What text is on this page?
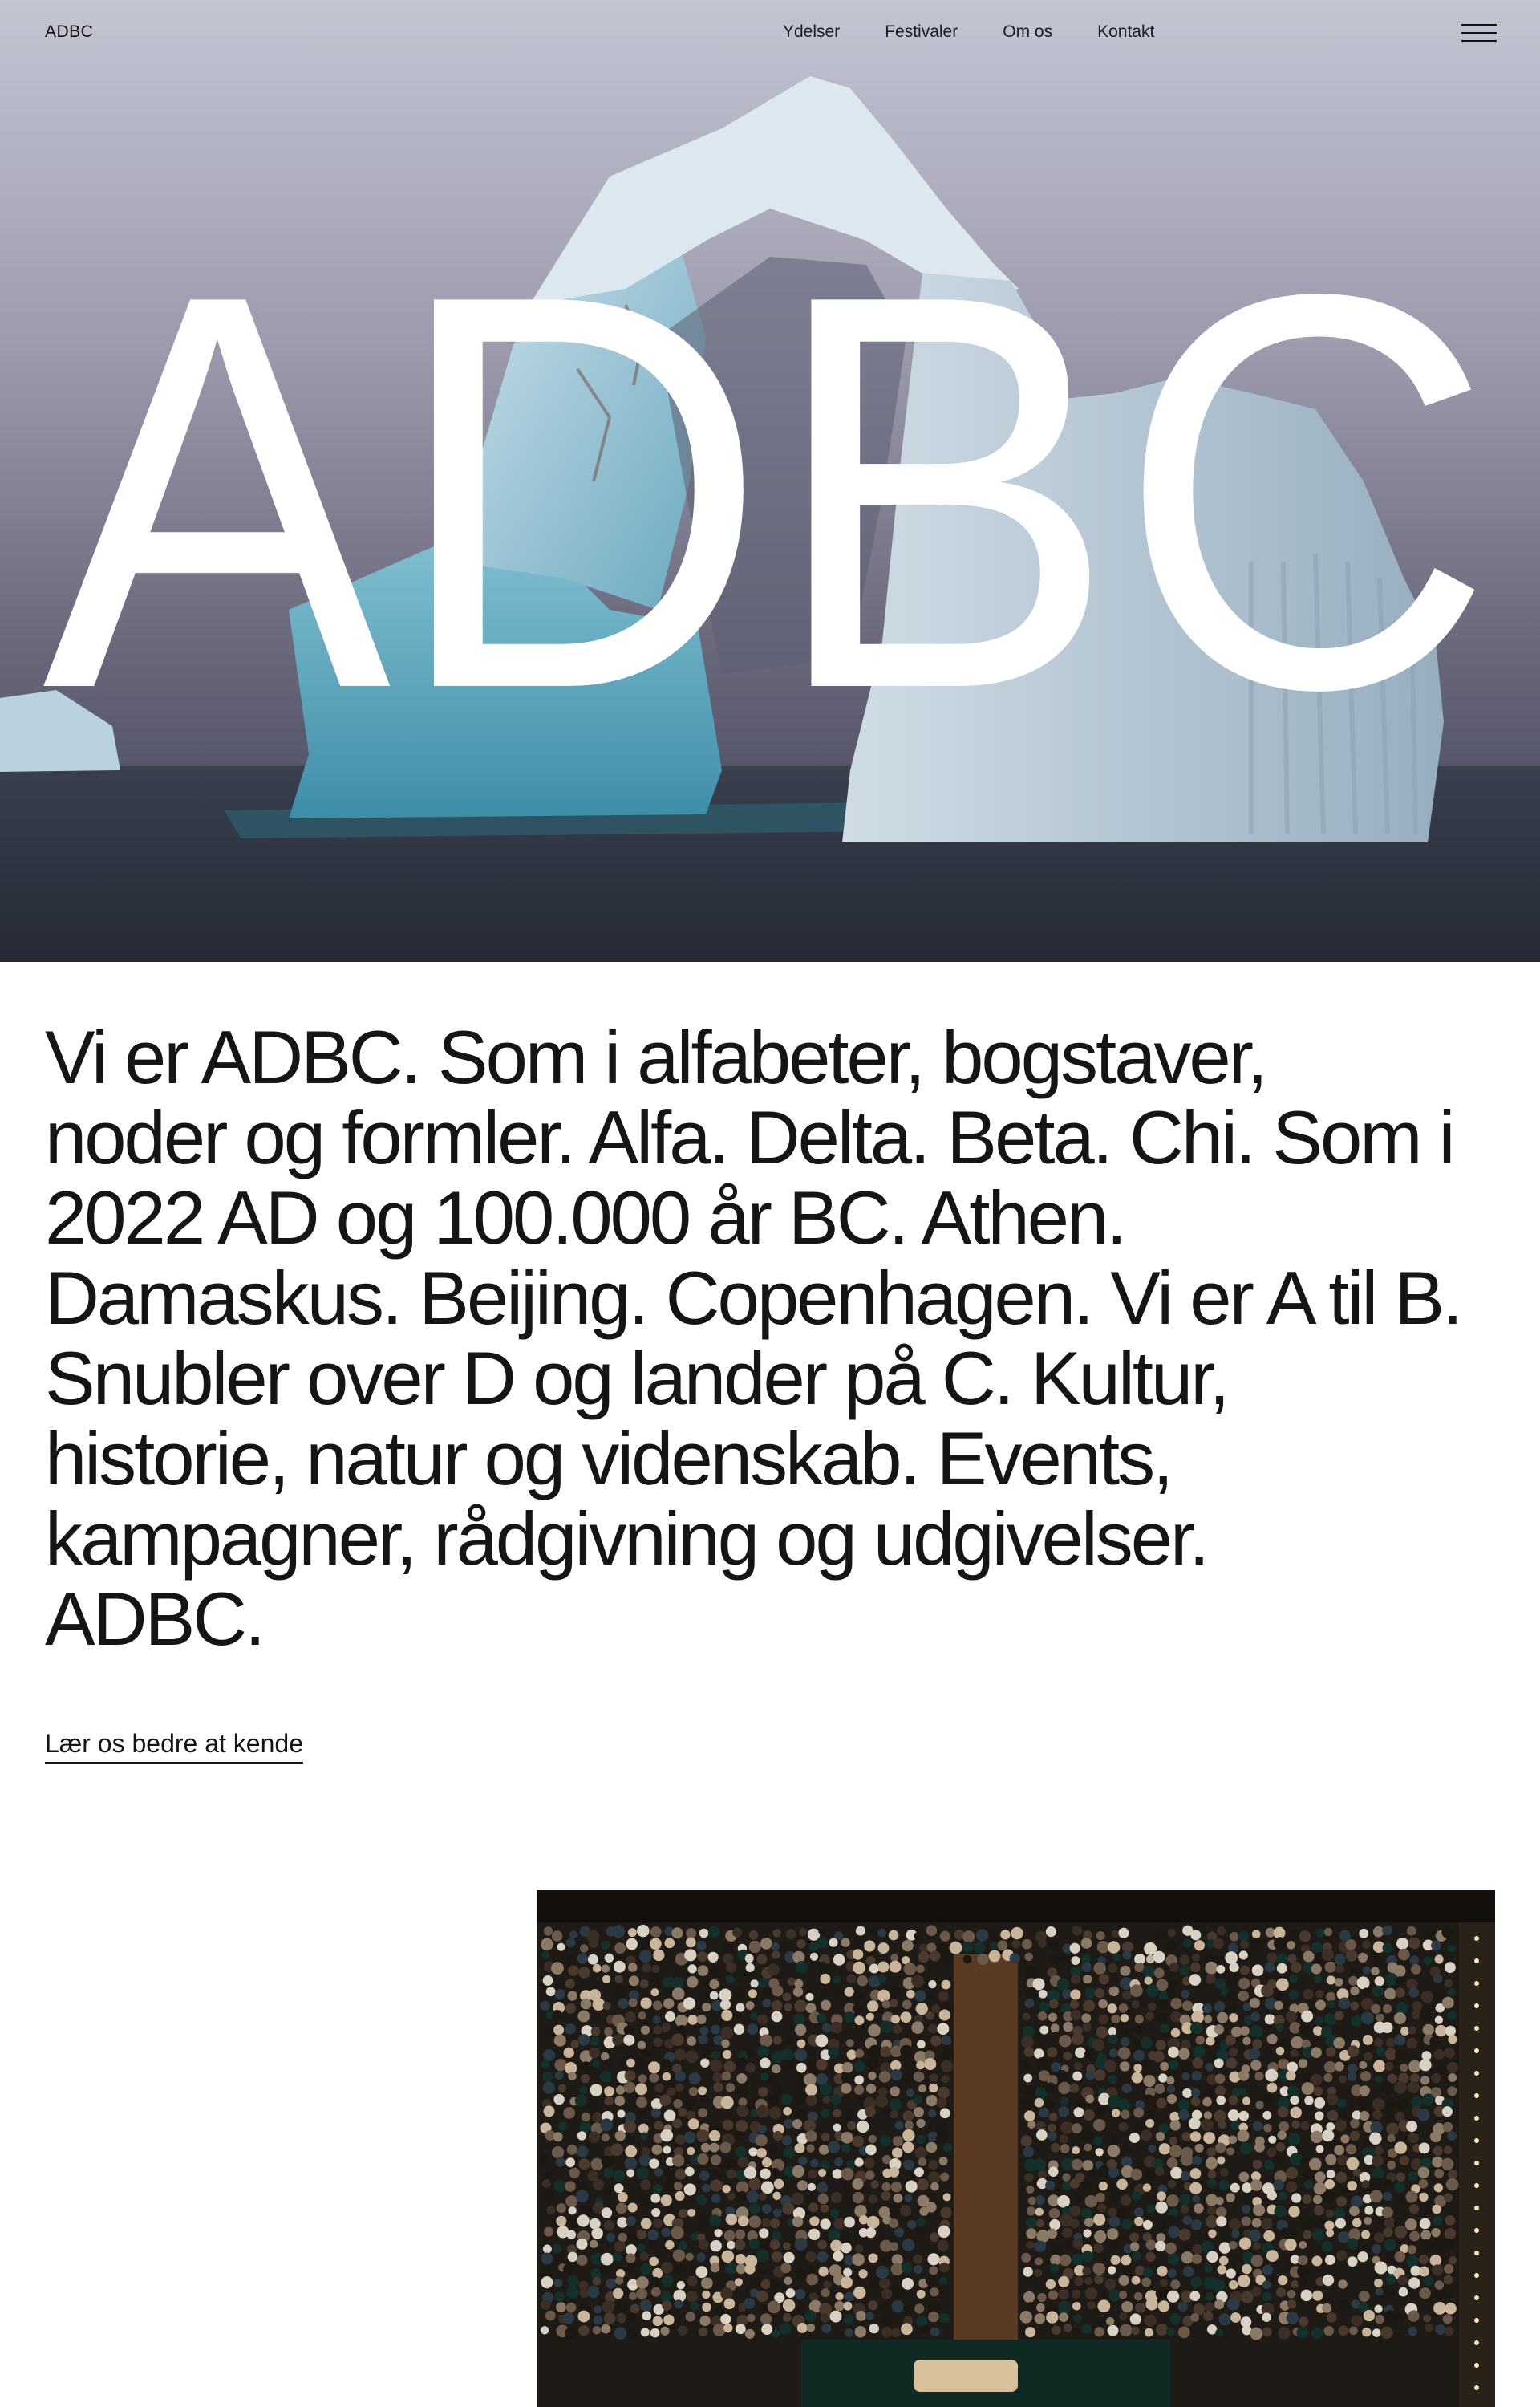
ADBC
ADBC	Ydelser	Festivaler	Om os	Kontakt

Vi er ADBC. Som i alfabeter, bogstaver,
noder og formler. Alfa. Delta. Beta. Chi. Som i
2022 AD og 100.000 år BC. Athen.
Damaskus. Beijing. Copenhagen. Vi er A til B.
Snubler over D og lander på C. Kultur,
historie, natur og videnskab. Events,
kampagner, rådgivning og udgivelser.
ADBC.

Lær os bedre at kende
